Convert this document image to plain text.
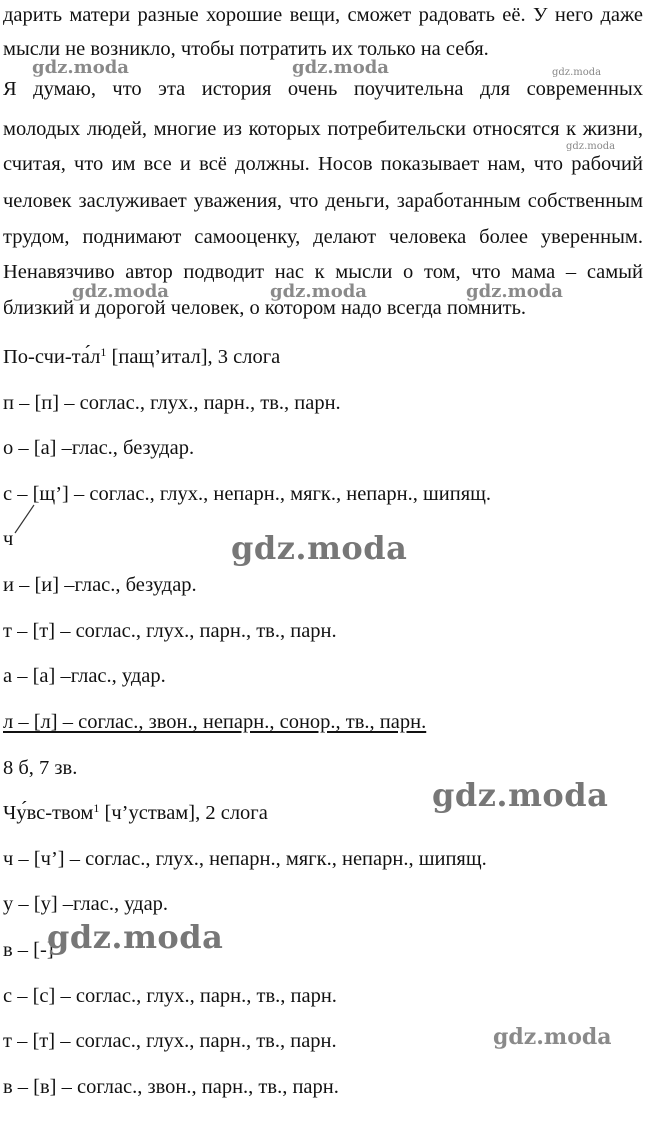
дарить матери разные хорошие вещи, сможет радовать её. У него даже
мысли не возникло, чтобы потратить их только на себя.
Я думаю, что эта история очень поучительна для современных
молодых людей, многие из которых потребительски относятся к жизни,
считая, что им все и всё должны. Носов показывает нам, что рабочий
человек заслуживает уважения, что деньги, заработанным собственным
трудом, поднимают самооценку, делают человека более уверенным.
Ненавязчиво автор подводит нас к мысли о том, что мама – самый
близкий и дорогой человек, о котором надо всегда помнить.
$По-счи-та́л^1$ [пащ’итал], 3 слога
п – [п] – соглас., глух., парн., тв., парн.
о – [а] –глас., безудар.
с – [щ’] – соглас., глух., непарн., мягк., непарн., шипящ.
ч
и – [и] –глас., безудар.
т – [т] – соглас., глух., парн., тв., парн.
а – [а] –глас., удар.
л – [л] – соглас., звон., непарн., сонор., тв., парн.
8 б, 7 зв.
Чу́вс-твом$^1$ [ч’уствам], 2 слога
ч – [ч’] – соглас., глух., непарн., мягк., непарн., шипящ.
у – [у] –глас., удар.
в – [-]
с – [с] – соглас., глух., парн., тв., парн.
т – [т] – соглас., глух., парн., тв., парн.
в – [в] – соглас., звон., парн., тв., парн.
gdz.moda	gdz.moda	gdz.moda
gdz.moda
gdz.moda	gdz.moda	gdz.moda
gdz.moda
gdz.moda
gdz.moda
gdz.moda
